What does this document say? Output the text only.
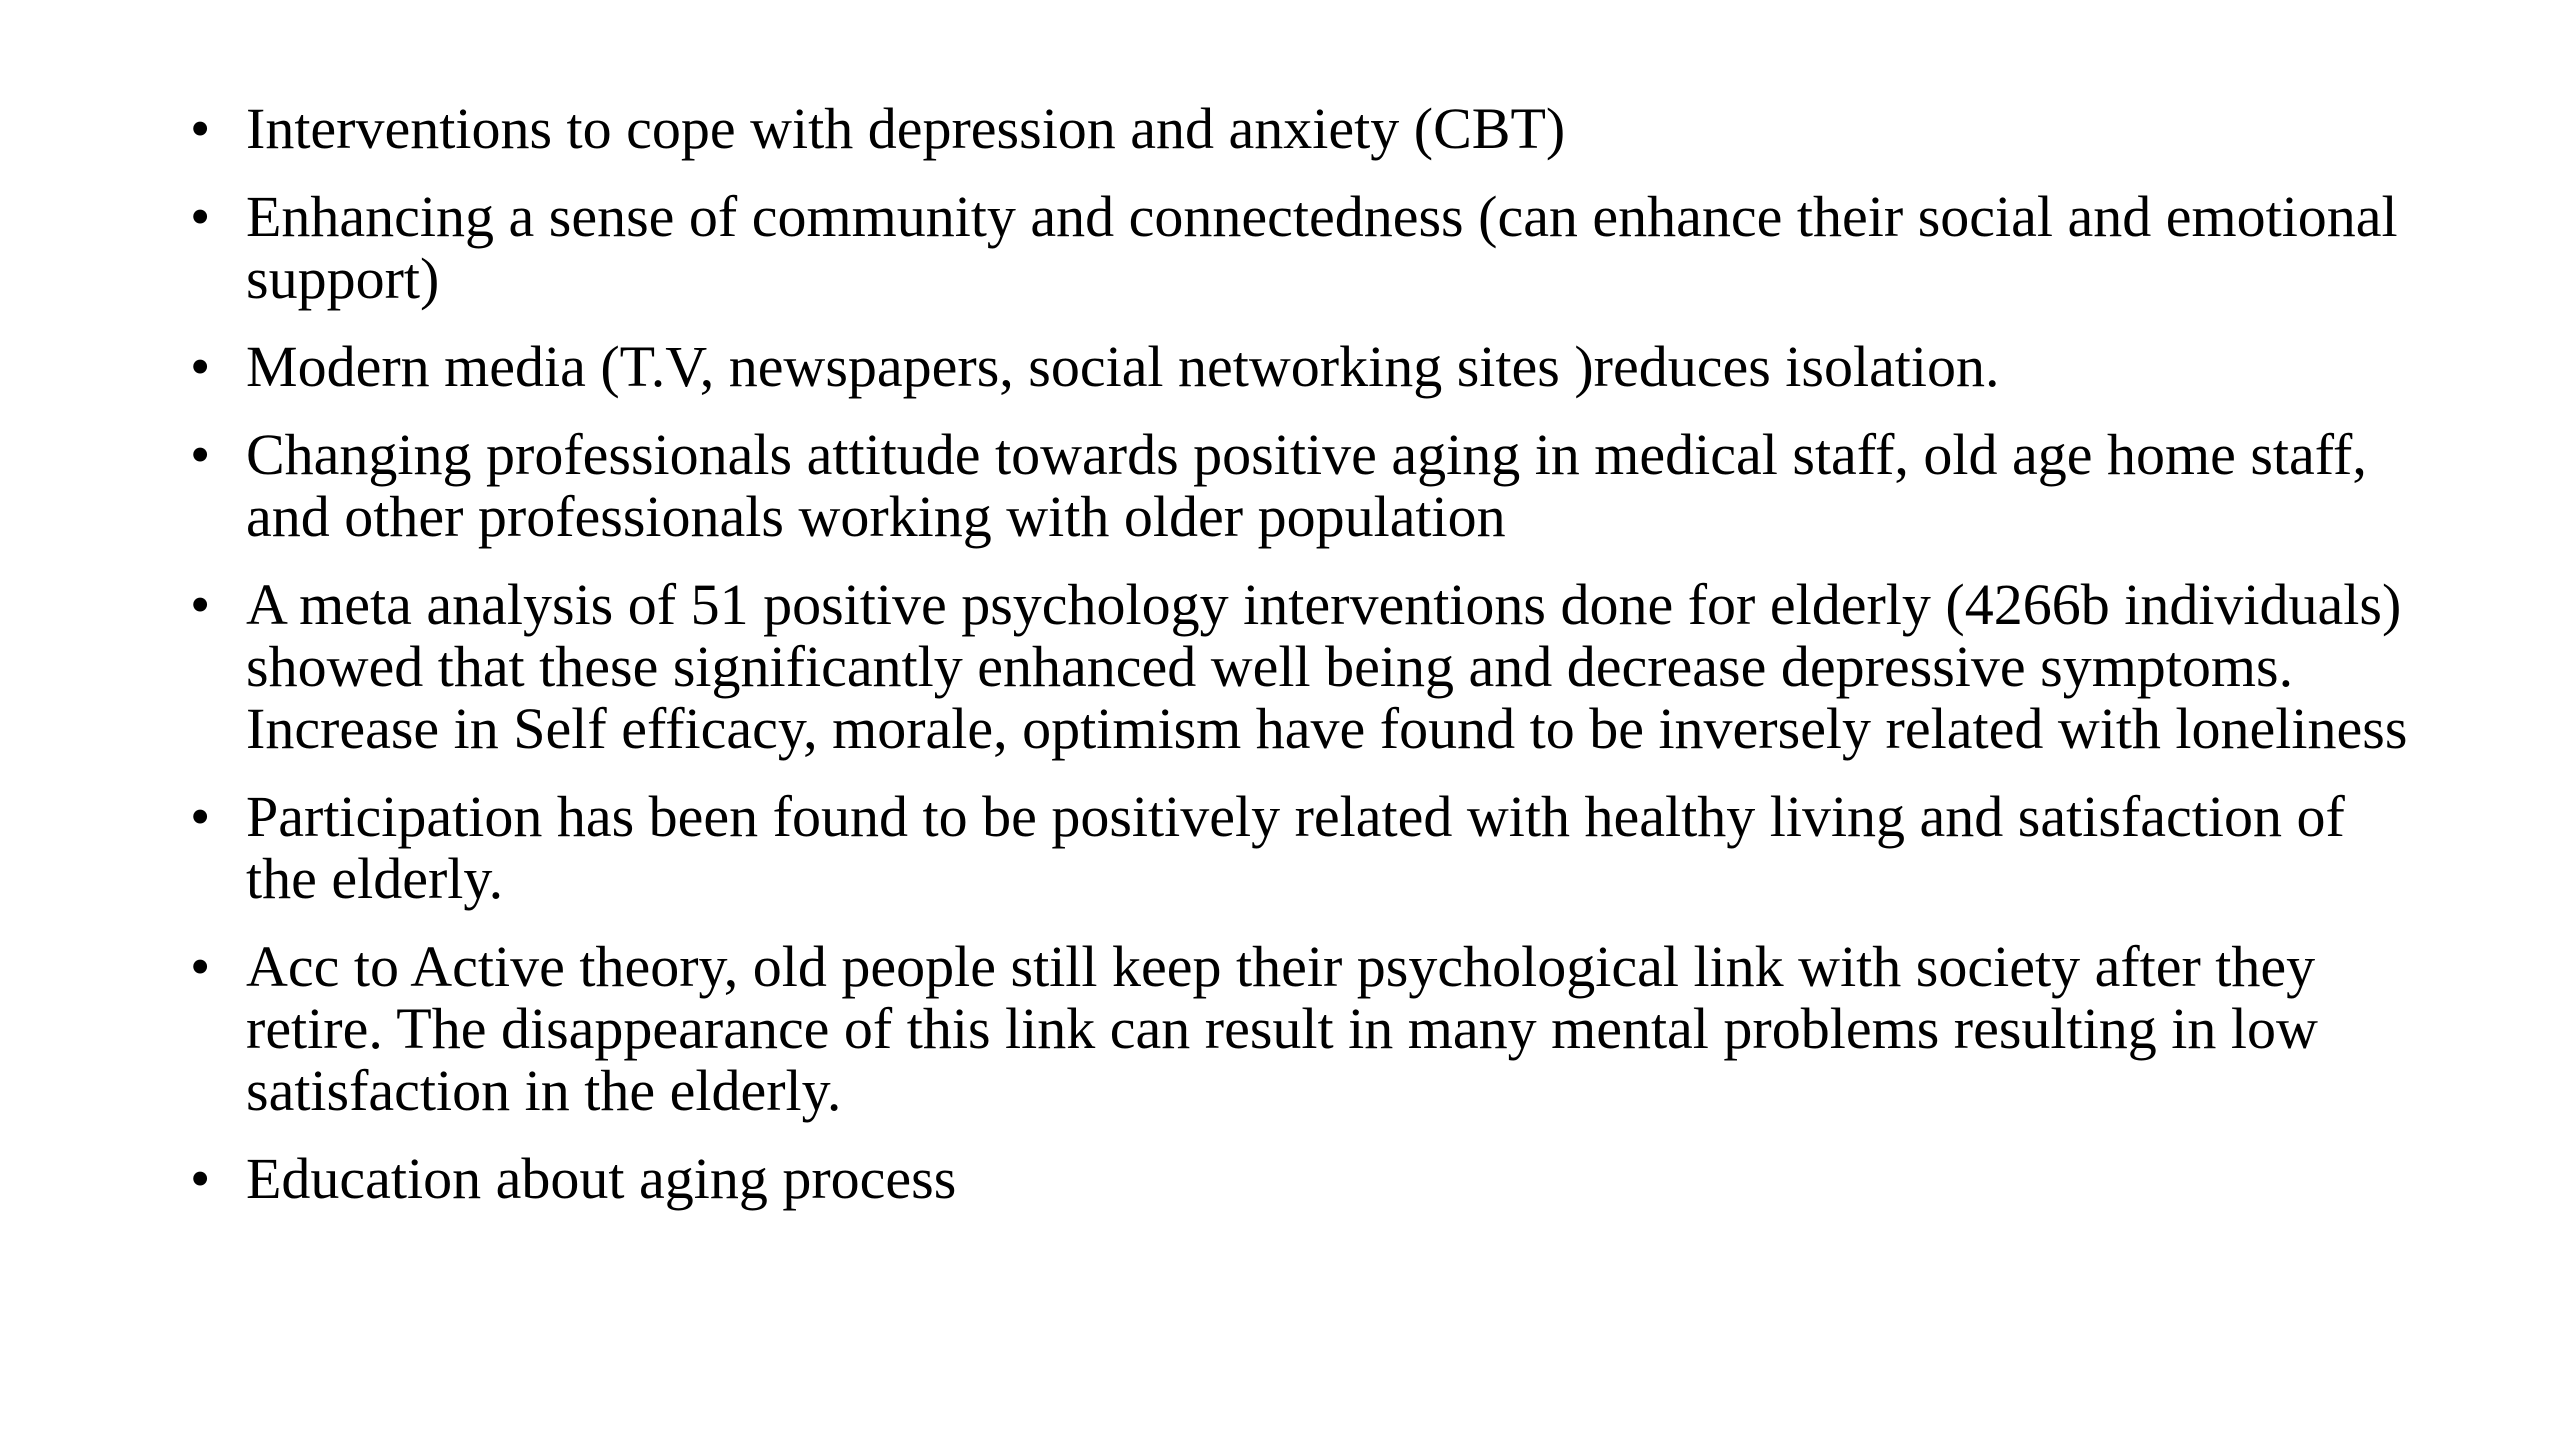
• Interventions to cope with depression and anxiety (CBT)
• Enhancing a sense of community and connectedness (can enhance their social and emotional support)
• Modern media (T.V, newspapers, social networking sites )reduces isolation.
• Changing professionals attitude towards positive aging in medical staff, old age home staff, and other professionals working with older population
• A meta analysis of 51 positive psychology interventions done for elderly (4266b individuals) showed that these significantly enhanced well being and decrease depressive symptoms. Increase in Self efficacy, morale, optimism have found to be inversely related with loneliness
• Participation has been found to be positively related with healthy living and satisfaction of the elderly.
• Acc to Active theory, old people still keep their psychological link with society after they retire. The disappearance of this link can result in many mental problems resulting in low satisfaction in the elderly.
• Education about aging process
